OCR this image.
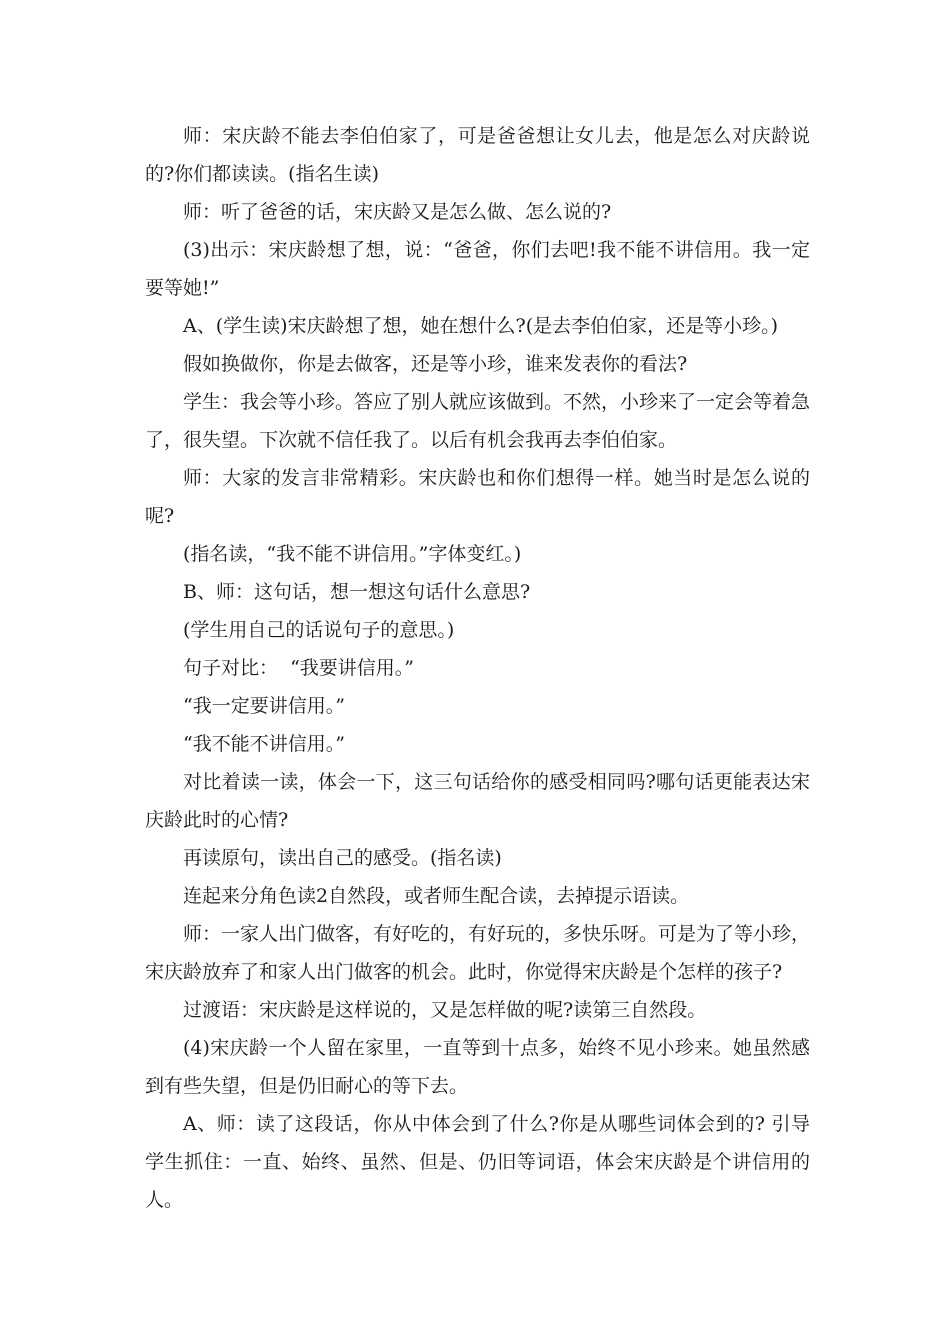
师：宋庆龄不能去李伯伯家了，可是爸爸想让女儿去，他是怎么对庆龄说的?你们都读读。(指名生读)

师：听了爸爸的话，宋庆龄又是怎么做、怎么说的?

(3)出示：宋庆龄想了想，说：“爸爸，你们去吧!我不能不讲信用。我一定要等她!”

A、(学生读)宋庆龄想了想，她在想什么?(是去李伯伯家，还是等小珍。)

假如换做你，你是去做客，还是等小珍，谁来发表你的看法?

学生：我会等小珍。答应了别人就应该做到。不然，小珍来了一定会等着急了，很失望。下次就不信任我了。以后有机会我再去李伯伯家。

师：大家的发言非常精彩。宋庆龄也和你们想得一样。她当时是怎么说的呢?

(指名读，“我不能不讲信用。”字体变红。)

B、师：这句话，想一想这句话什么意思?

(学生用自己的话说句子的意思。)

句子对比：  “我要讲信用。”

“我一定要讲信用。”

“我不能不讲信用。”

对比着读一读，体会一下，这三句话给你的感受相同吗?哪句话更能表达宋庆龄此时的心情?

再读原句，读出自己的感受。(指名读)

连起来分角色读2自然段，或者师生配合读，去掉提示语读。

师：一家人出门做客，有好吃的，有好玩的，多快乐呀。可是为了等小珍，宋庆龄放弃了和家人出门做客的机会。此时，你觉得宋庆龄是个怎样的孩子?

过渡语：宋庆龄是这样说的，又是怎样做的呢?读第三自然段。

(4)宋庆龄一个人留在家里，一直等到十点多，始终不见小珍来。她虽然感到有些失望，但是仍旧耐心的等下去。

A、师：读了这段话，你从中体会到了什么?你是从哪些词体会到的? 引导学生抓住：一直、始终、虽然、但是、仍旧等词语，体会宋庆龄是个讲信用的人。
